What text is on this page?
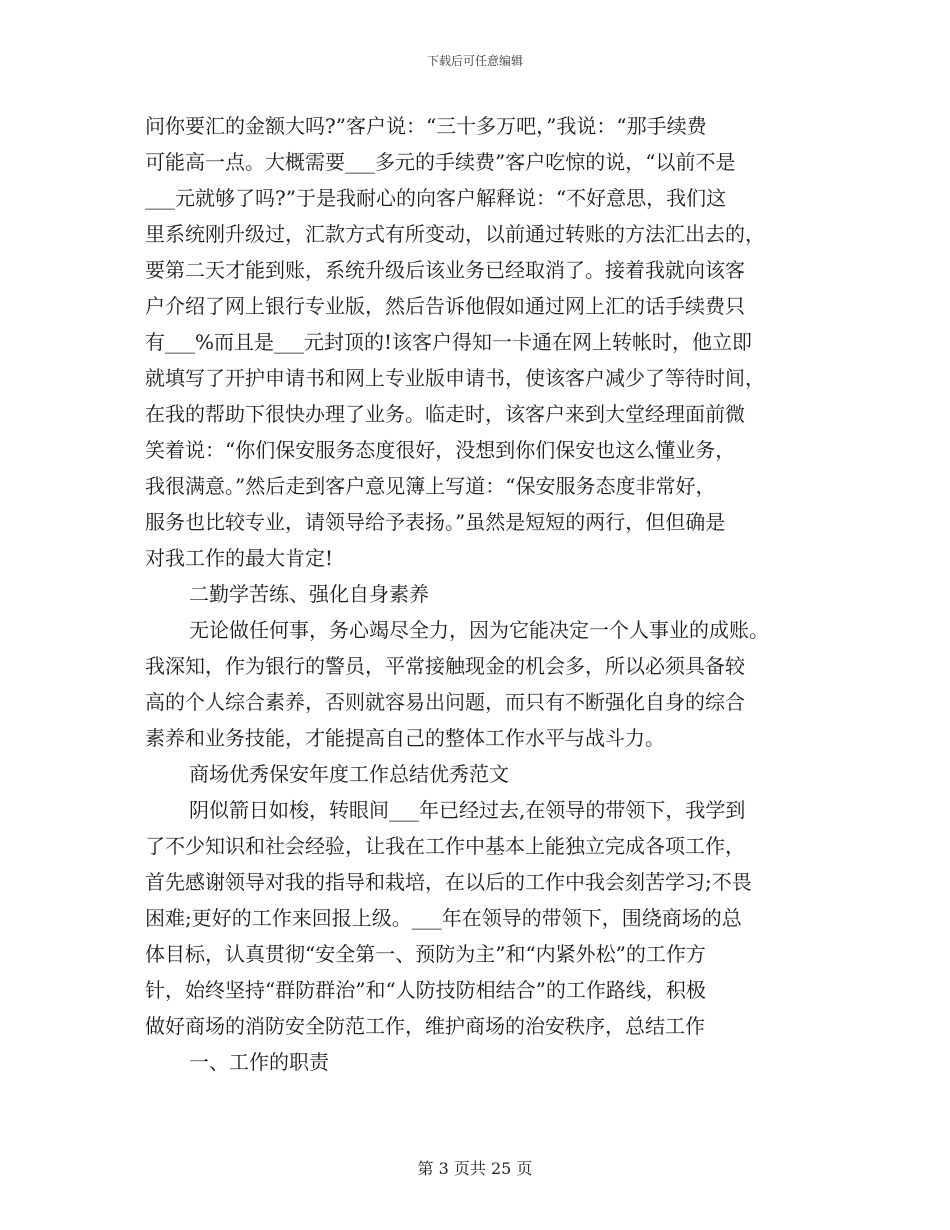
下载后可任意编辑
问你要汇的金额大吗?”客户说：“三十多万吧，”我说：“那手续费
可能高一点。大概需要___多元的手续费”客户吃惊的说，“以前不是
___元就够了吗?”于是我耐心的向客户解释说：“不好意思，我们这
里系统刚升级过，汇款方式有所变动，以前通过转账的方法汇出去的，
要第二天才能到账，系统升级后该业务已经取消了。接着我就向该客
户介绍了网上银行专业版，然后告诉他假如通过网上汇的话手续费只
有___%而且是___元封顶的!该客户得知一卡通在网上转帐时，他立即
就填写了开护申请书和网上专业版申请书，使该客户减少了等待时间，
在我的帮助下很快办理了业务。临走时，该客户来到大堂经理面前微
笑着说：“你们保安服务态度很好，没想到你们保安也这么懂业务，
我很满意。”然后走到客户意见簿上写道：“保安服务态度非常好，
服务也比较专业，请领导给予表扬。”虽然是短短的两行，但但确是
对我工作的最大肯定!
二勤学苦练、强化自身素养
无论做任何事，务心竭尽全力，因为它能决定一个人事业的成账。
我深知，作为银行的警员，平常接触现金的机会多，所以必须具备较
高的个人综合素养，否则就容易出问题，而只有不断强化自身的综合
素养和业务技能，才能提高自己的整体工作水平与战斗力。
商场优秀保安年度工作总结优秀范文
阴似箭日如梭，转眼间___年已经过去,在领导的带领下，我学到
了不少知识和社会经验，让我在工作中基本上能独立完成各项工作，
首先感谢领导对我的指导和栽培，在以后的工作中我会刻苦学习;不畏
困难;更好的工作来回报上级。___年在领导的带领下，围绕商场的总
体目标，认真贯彻“安全第一、预防为主”和“内紧外松”的工作方
针，始终坚持“群防群治”和“人防技防相结合”的工作路线，积极
做好商场的消防安全防范工作，维护商场的治安秩序，总结工作
一、工作的职责
第 3 页共 25 页
